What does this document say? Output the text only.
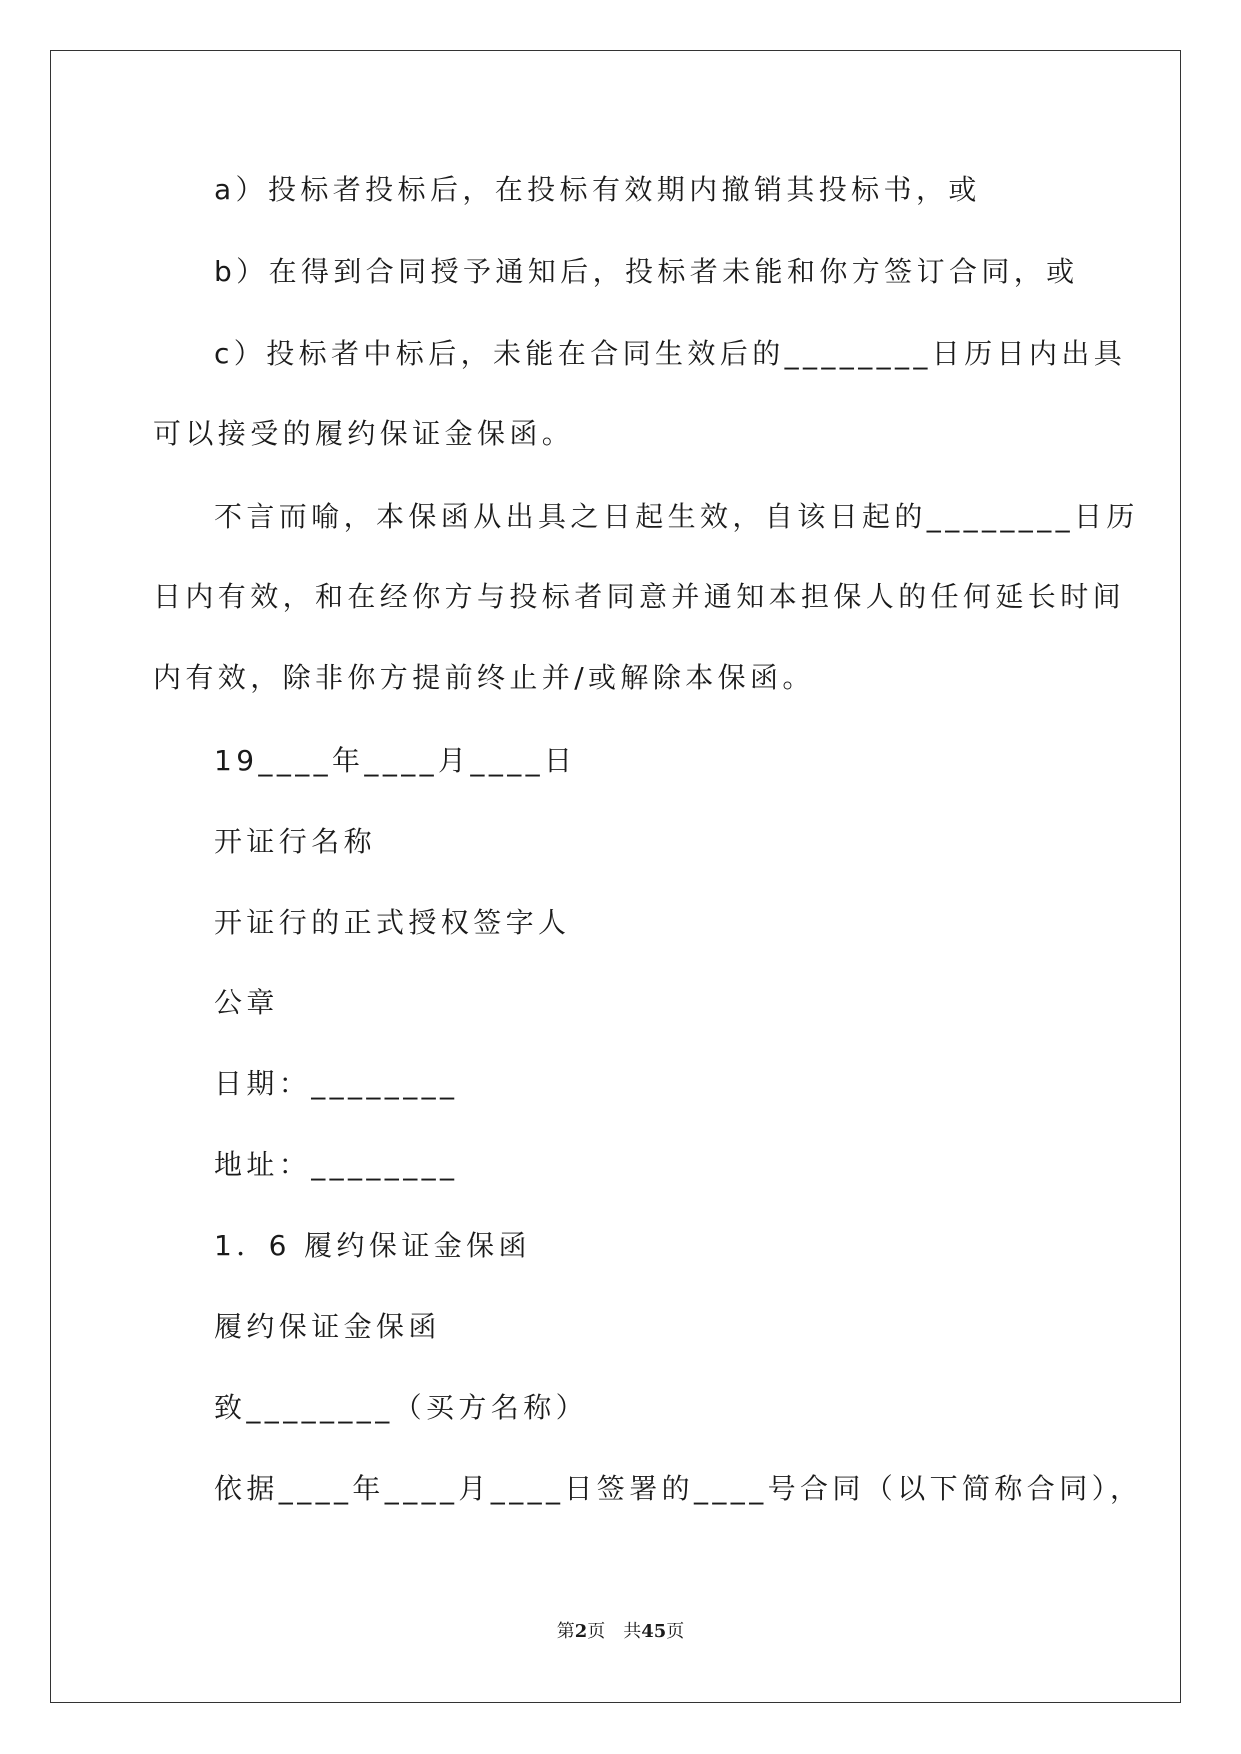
a）投标者投标后，在投标有效期内撤销其投标书，或
b）在得到合同授予通知后，投标者未能和你方签订合同，或
c）投标者中标后，未能在合同生效后的________日历日内出具
可以接受的履约保证金保函。
不言而喻，本保函从出具之日起生效，自该日起的________日历
日内有效，和在经你方与投标者同意并通知本担保人的任何延长时间
内有效，除非你方提前终止并/或解除本保函。
19____年____月____日
开证行名称
开证行的正式授权签字人
公章
日期：________
地址：________
1．6 履约保证金保函
履约保证金保函
致________（买方名称）
依据____年____月____日签署的____号合同（以下简称合同），
第2页 共45页
